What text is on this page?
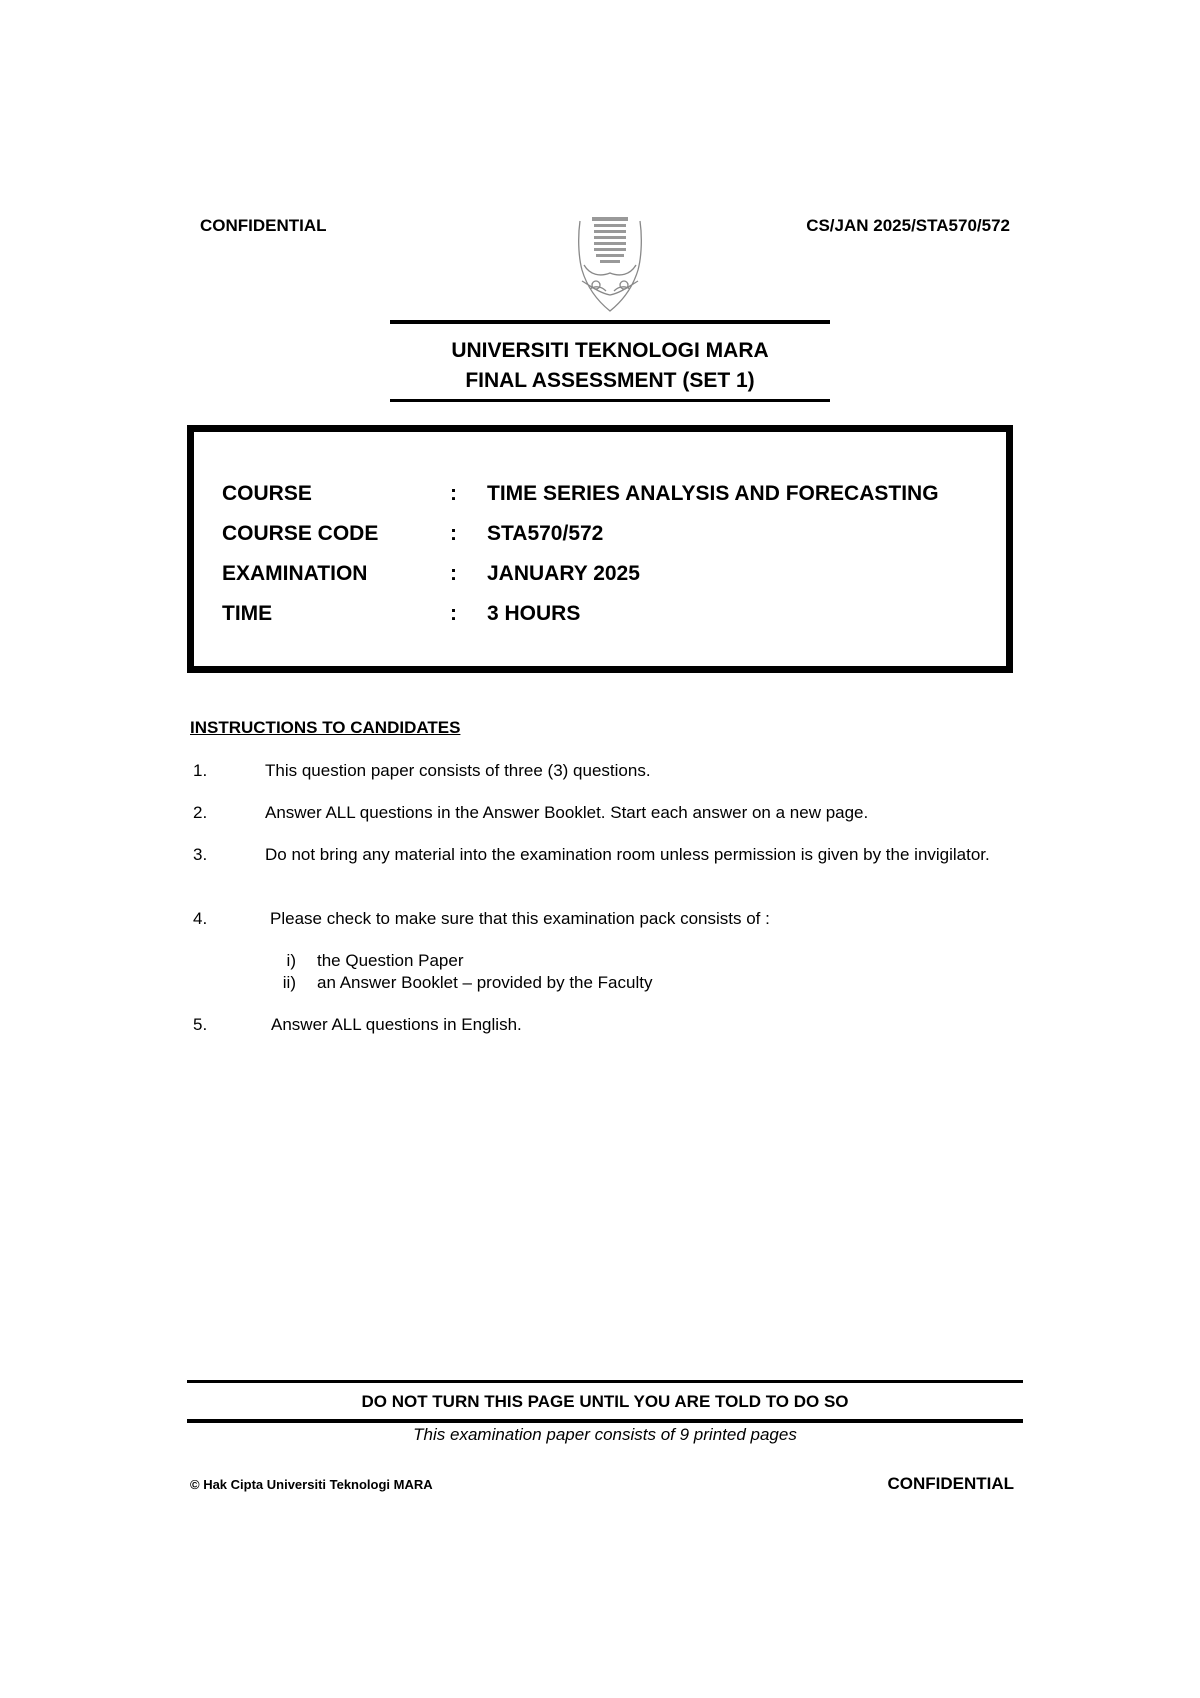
CONFIDENTIAL	CS/JAN 2025/STA570/572
UNIVERSITI TEKNOLOGI MARA
FINAL ASSESSMENT (SET 1)
COURSE	: TIME SERIES ANALYSIS AND FORECASTING
COURSE CODE	: STA570/572
EXAMINATION	: JANUARY 2025
TIME	: 3 HOURS
INSTRUCTIONS TO CANDIDATES
1.	This question paper consists of three (3) questions.
2.	Answer ALL questions in the Answer Booklet. Start each answer on a new page.
3.	Do not bring any material into the examination room unless permission is given by the invigilator.
4.	Please check to make sure that this examination pack consists of :
i) the Question Paper
ii) an Answer Booklet – provided by the Faculty
5.	Answer ALL questions in English.
DO NOT TURN THIS PAGE UNTIL YOU ARE TOLD TO DO SO
This examination paper consists of 9 printed pages
© Hak Cipta Universiti Teknologi MARA	CONFIDENTIAL
